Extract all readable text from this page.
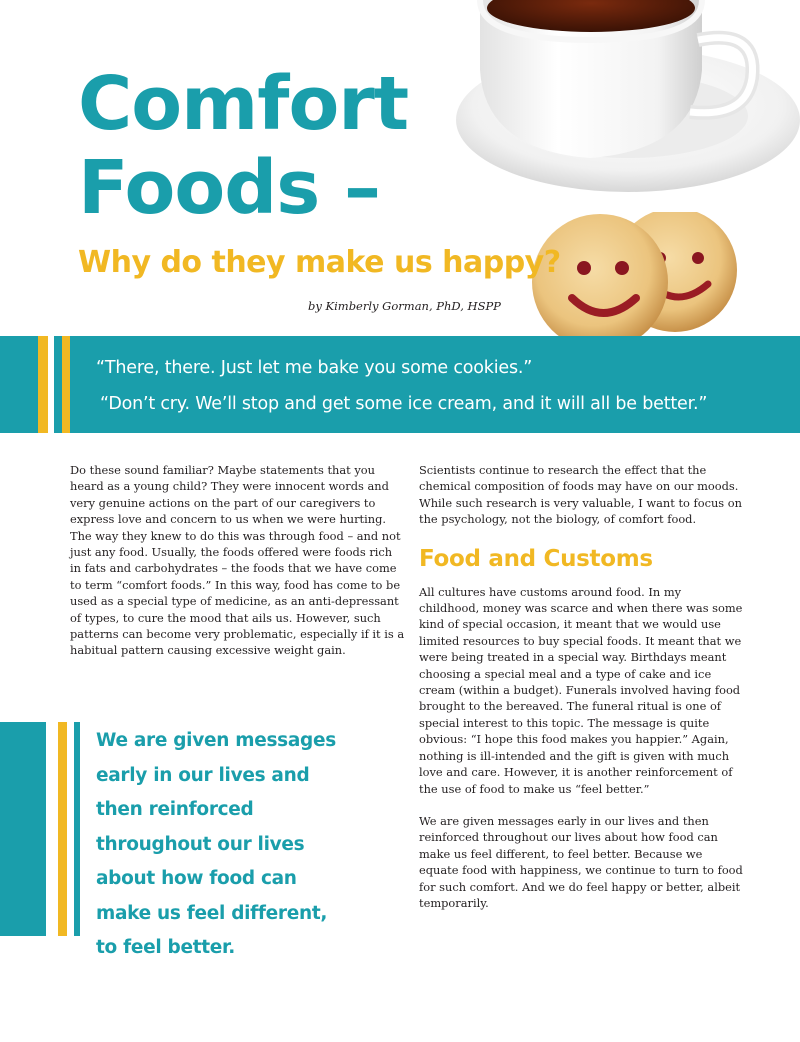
Comfort
Foods –
Why do they make us happy?
by Kimberly Gorman, PhD, HSPP
“There, there. Just let me bake you some cookies.”
“Don’t cry. We’ll stop and get some ice cream, and it will all be better.”

Do these sound familiar? Maybe statements that you heard as a young child? They were innocent words and very genuine actions on the part of our caregivers to express love and concern to us when we were hurting. The way they knew to do this was through food – and not just any food. Usually, the foods offered were foods rich in fats and carbohydrates – the foods that we have come to term “comfort foods.” In this way, food has come to be used as a special type of medicine, as an anti-depressant of types, to cure the mood that ails us. However, such patterns can become very problematic, especially if it is a habitual pattern causing excessive weight gain.

Scientists continue to research the effect that the chemical composition of foods may have on our moods. While such research is very valuable, I want to focus on the psychology, not the biology, of comfort food.

Food and Customs

All cultures have customs around food. In my childhood, money was scarce and when there was some kind of special occasion, it meant that we would use limited resources to buy special foods. It meant that we were being treated in a special way. Birthdays meant choosing a special meal and a type of cake and ice cream (within a budget). Funerals involved having food brought to the bereaved. The funeral ritual is one of special interest to this topic. The message is quite obvious: “I hope this food makes you happier.” Again, nothing is ill-intended and the gift is given with much love and care. However, it is another reinforcement of the use of food to make us “feel better.”

We are given messages early in our lives and then reinforced throughout our lives about how food can make us feel different, to feel better. Because we equate food with happiness, we continue to turn to food for such comfort. And we do feel happy or better, albeit temporarily.

We are given messages early in our lives and then reinforced throughout our lives about how food can make us feel different, to feel better.
